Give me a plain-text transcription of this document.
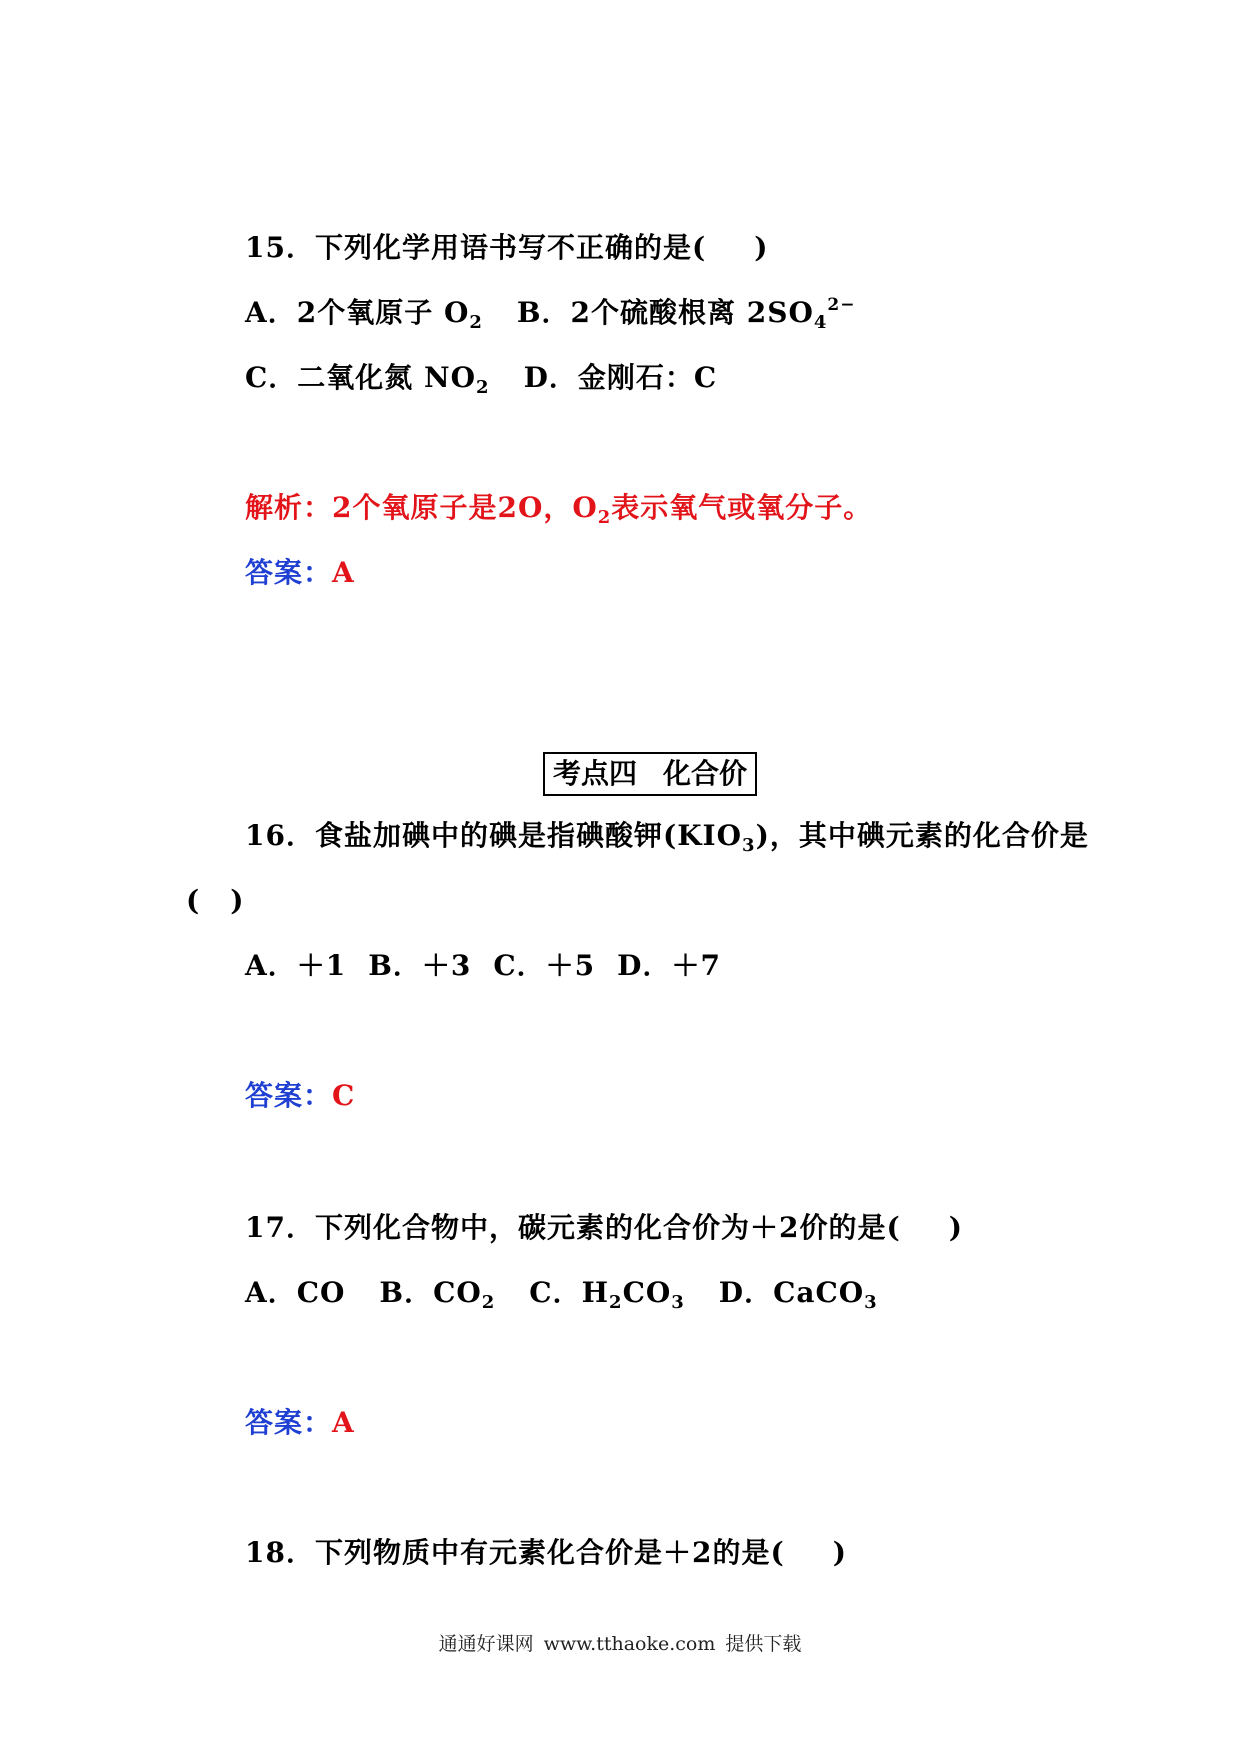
15．下列化学用语书写不正确的是( )
A．2个氧原子 $O_2$ B．2个硫酸根离 $2SO_4^{2-}$
C．二氧化氮 $NO_2$ D．金刚石：C
解析：2个氧原子是2O，$O_2$表示氧气或氧分子。
答案：A
考点四 化合价
16．食盐加碘中的碘是指碘酸钾$(KIO_3)$，其中碘元素的化合价是
( )
A．＋1 B．＋3 C．＋5 D．＋7
答案：C
17．下列化合物中，碳元素的化合价为＋2价的是( )
A．CO B．$CO_2$ C．$H_2CO_3$ D．CaCO$_3$
答案：A
18．下列物质中有元素化合价是＋2的是( )
通通好课网 www.tthaoke.com 提供下载
